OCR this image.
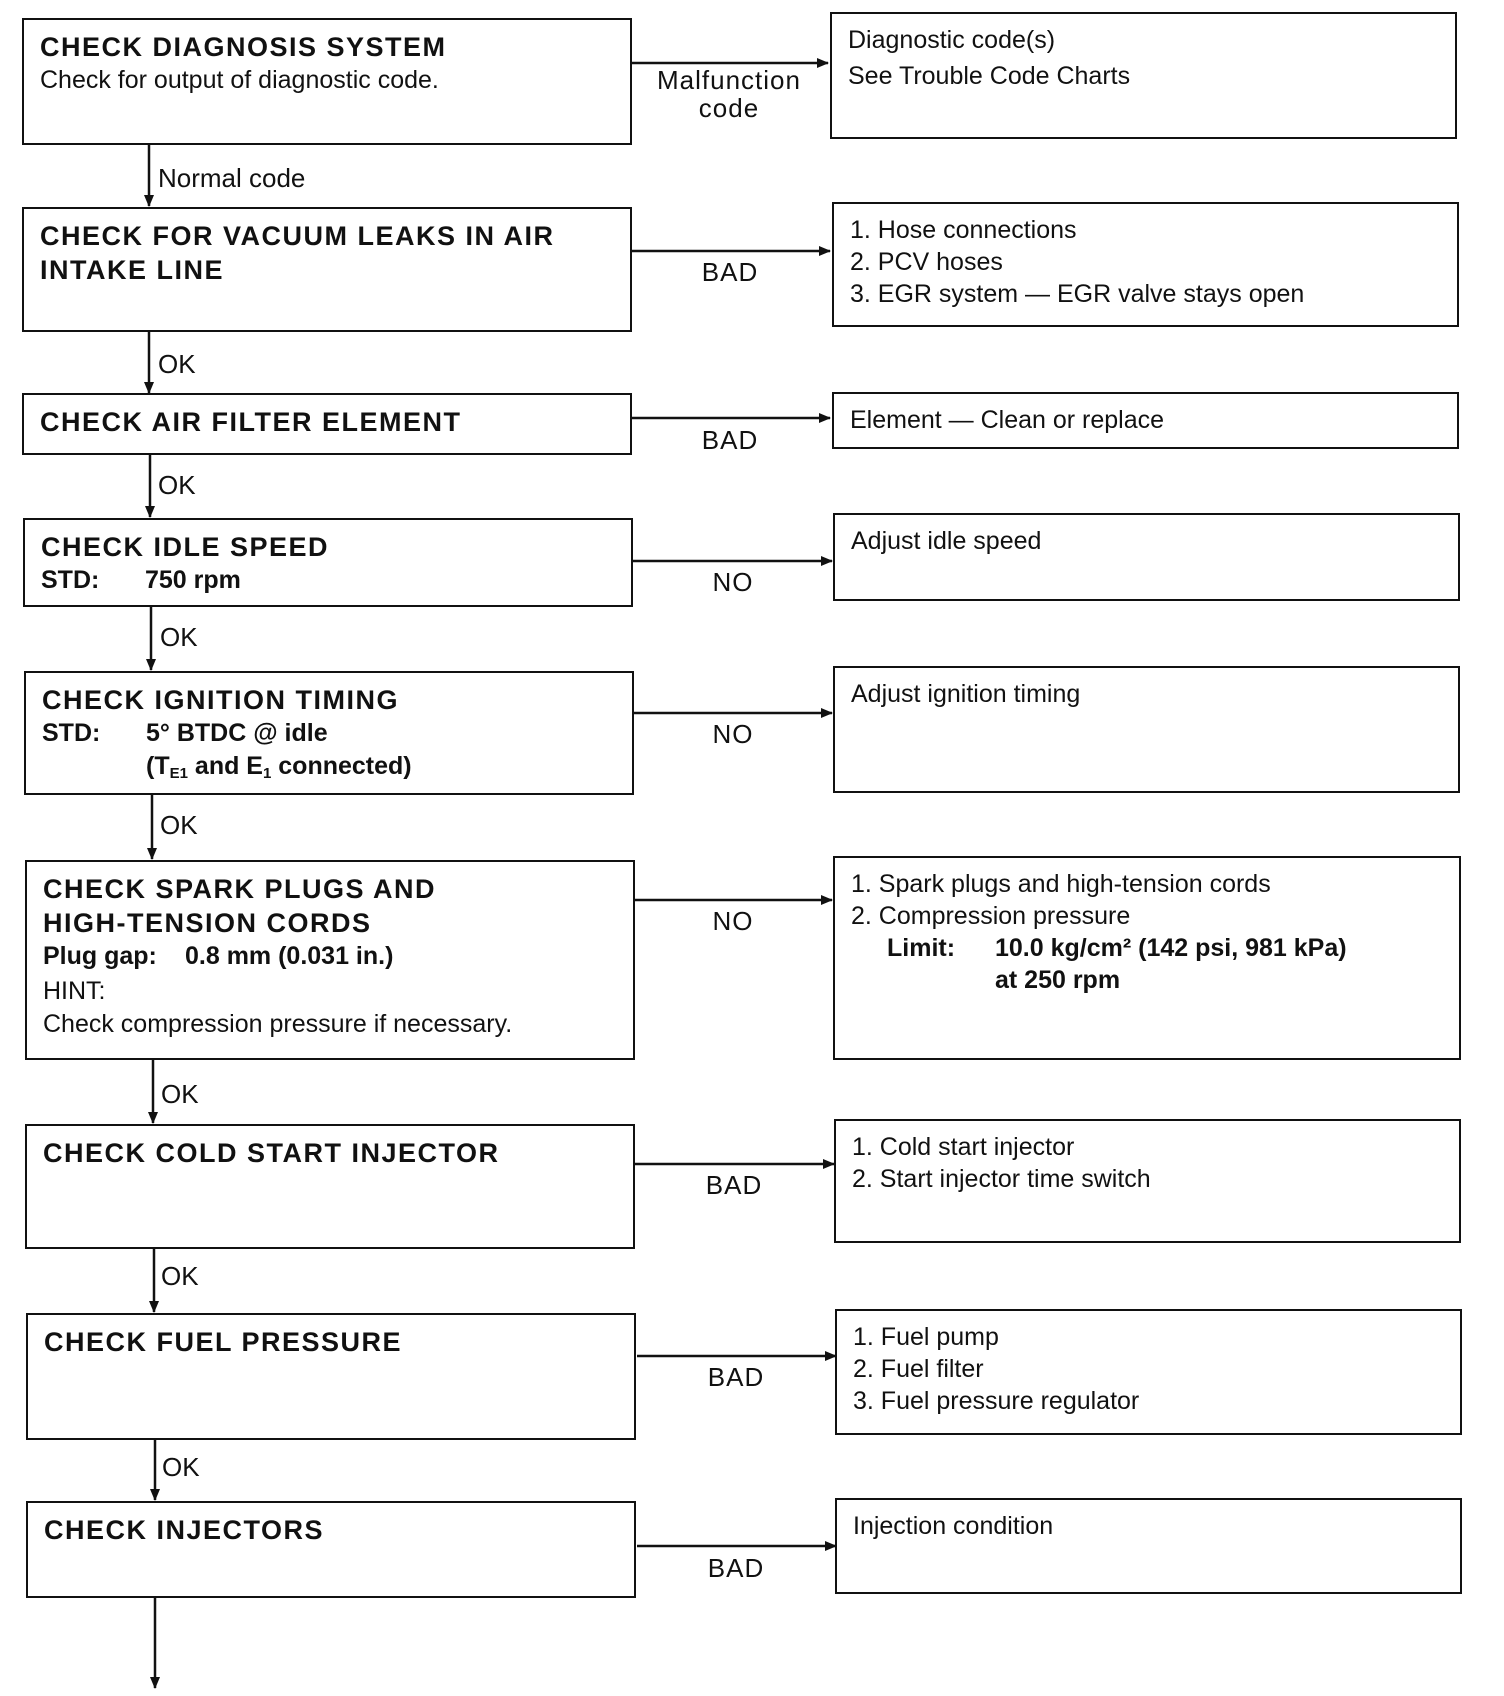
CHECK DIAGNOSIS SYSTEM
Check for output of diagnostic code.
Diagnostic code(s)
See Trouble Code Charts
Malfunction code
Normal code
CHECK FOR VACUUM LEAKS IN AIR INTAKE LINE
1. Hose connections
2. PCV hoses
3. EGR system — EGR valve stays open
BAD
OK
CHECK AIR FILTER ELEMENT	Element — Clean or replace
BAD
OK
CHECK IDLE SPEED
STD: 750 rpm
Adjust idle speed
NO
OK
CHECK IGNITION TIMING
STD: 5° BTDC @ idle
($T_{E1}$ and $E_1$ connected)
Adjust ignition timing
NO
OK
CHECK SPARK PLUGS AND
HIGH-TENSION CORDS
Plug gap: 0.8 mm (0.031 in.)
HINT:
Check compression pressure if necessary.
1. Spark plugs and high-tension cords
2. Compression pressure
Limit: 10.0 kg/cm² (142 psi, 981 kPa)
at 250 rpm
NO
OK
CHECK COLD START INJECTOR	1. Cold start injector
2. Start injector time switch
BAD
OK
CHECK FUEL PRESSURE	1. Fuel pump
2. Fuel filter
3. Fuel pressure regulator
BAD
OK
CHECK INJECTORS	Injection condition
BAD
